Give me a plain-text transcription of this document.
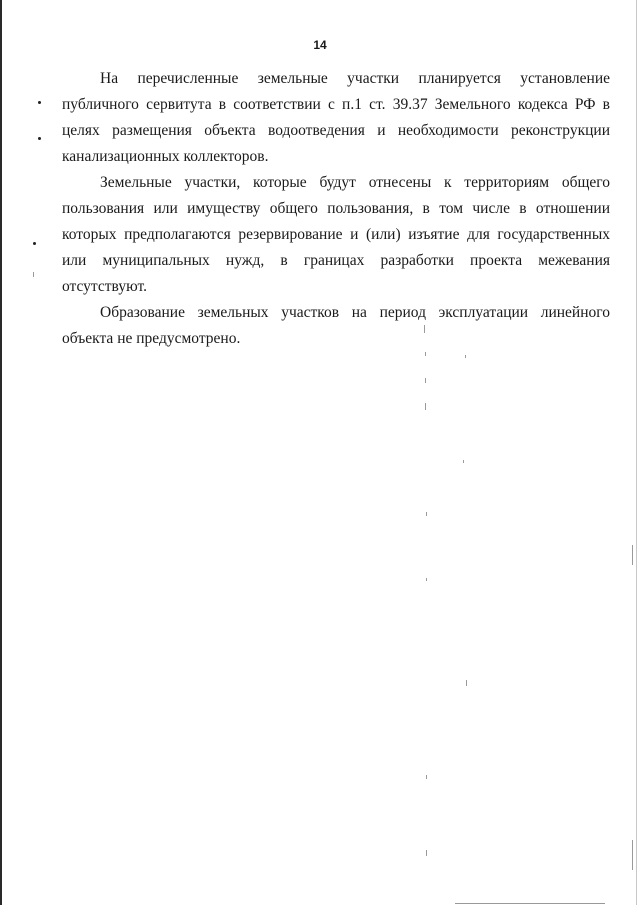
14

На перечисленные земельные участки планируется установление публичного сервитута в соответствии с п.1 ст. 39.37 Земельного кодекса РФ в целях размещения объекта водоотведения и необходимости реконструкции канализационных коллекторов.

Земельные участки, которые будут отнесены к территориям общего пользования или имуществу общего пользования, в том числе в отношении которых предполагаются резервирование и (или) изъятие для государственных или муниципальных нужд, в границах разработки проекта межевания отсутствуют.

Образование земельных участков на период эксплуатации линейного объекта не предусмотрено.
